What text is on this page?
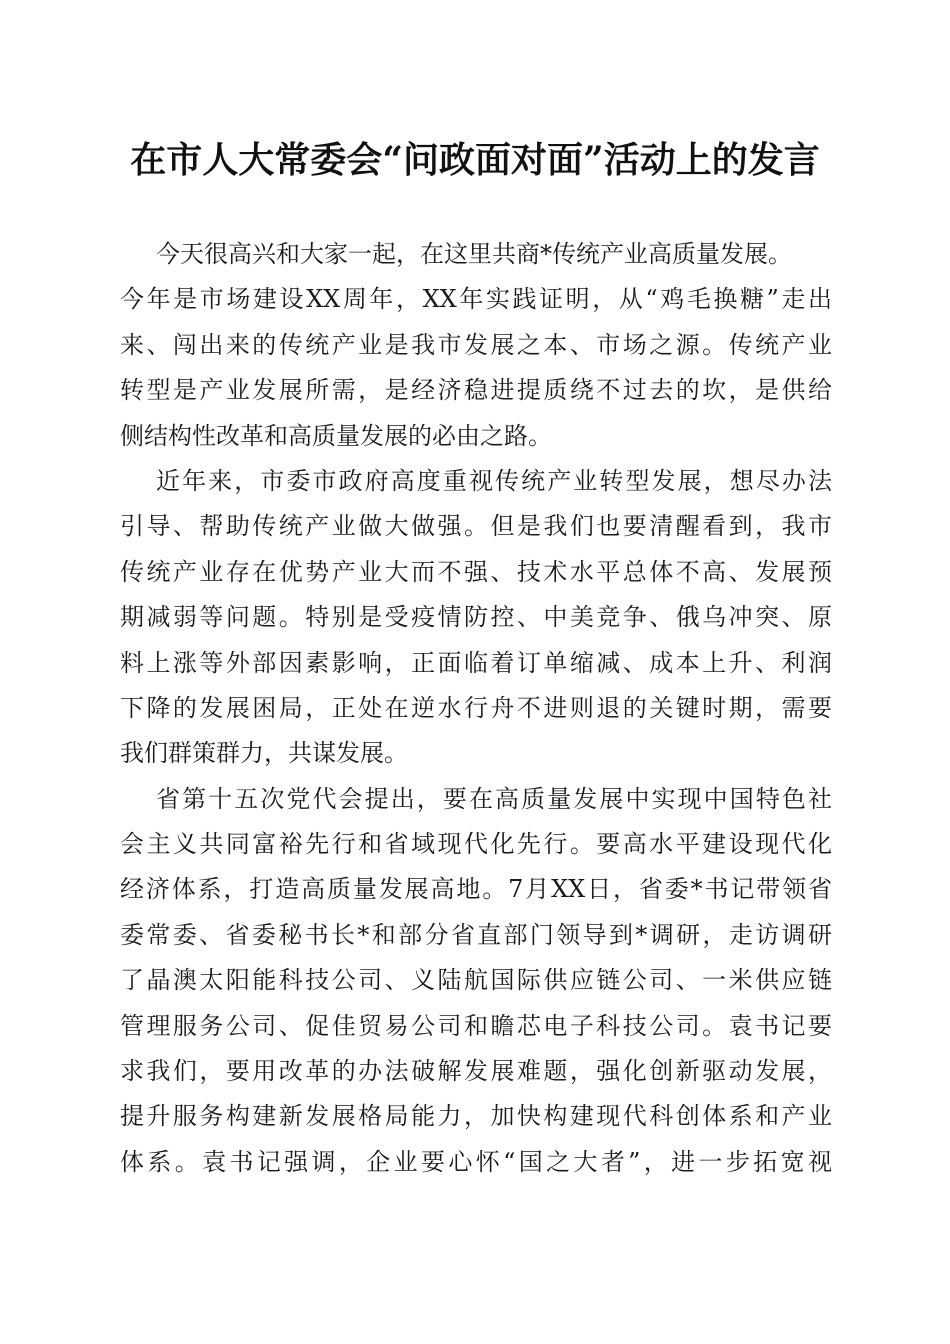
在市人大常委会“问政面对面”活动上的发言
今天很高兴和大家一起，在这里共商*传统产业高质量发展。
今年是市场建设XX周年，XX年实践证明，从“鸡毛换糖”走出
来、闯出来的传统产业是我市发展之本、市场之源。传统产业
转型是产业发展所需，是经济稳进提质绕不过去的坎，是供给
侧结构性改革和高质量发展的必由之路。
近年来，市委市政府高度重视传统产业转型发展，想尽办法
引导、帮助传统产业做大做强。但是我们也要清醒看到，我市
传统产业存在优势产业大而不强、技术水平总体不高、发展预
期减弱等问题。特别是受疫情防控、中美竞争、俄乌冲突、原
料上涨等外部因素影响，正面临着订单缩减、成本上升、利润
下降的发展困局，正处在逆水行舟不进则退的关键时期，需要
我们群策群力，共谋发展。
省第十五次党代会提出，要在高质量发展中实现中国特色社
会主义共同富裕先行和省域现代化先行。要高水平建设现代化
经济体系，打造高质量发展高地。7月XX日，省委*书记带领省
委常委、省委秘书长*和部分省直部门领导到*调研，走访调研
了晶澳太阳能科技公司、义陆航国际供应链公司、一米供应链
管理服务公司、促佳贸易公司和瞻芯电子科技公司。袁书记要
求我们，要用改革的办法破解发展难题，强化创新驱动发展，
提升服务构建新发展格局能力，加快构建现代科创体系和产业
体系。袁书记强调，企业要心怀“国之大者”，进一步拓宽视
